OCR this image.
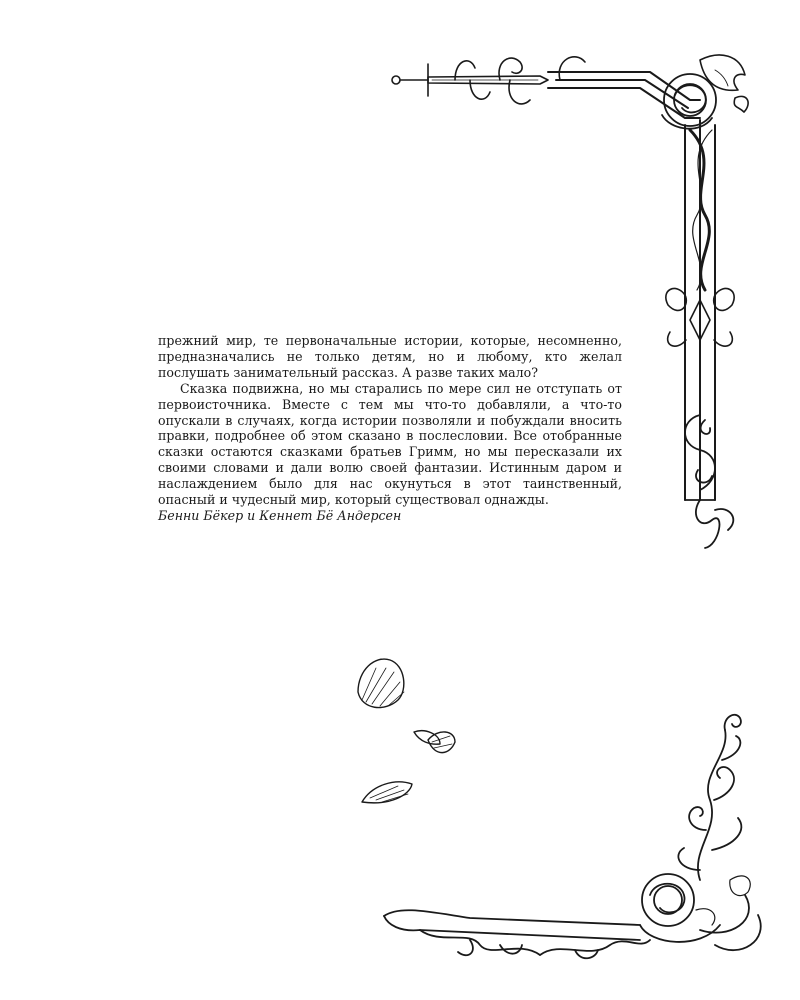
прежний мир, те первоначальные истории, которые, несомненно, предназначались не только детям, но и любому, кто желал послушать занимательный рассказ. А разве таких мало?

Сказка подвижна, но мы старались по мере сил не отступать от первоисточника. Вместе с тем мы что-то добавляли, а что-то опускали в случаях, когда истории позволяли и побуждали вносить правки, подробнее об этом сказано в послесловии. Все отобранные сказки остаются сказками братьев Гримм, но мы пересказали их своими словами и дали волю своей фантазии. Истинным даром и наслаждением было для нас окунуться в этот таинственный, опасный и чудесный мир, который существовал однажды.

Бенни Бёкер и Кеннет Бё Андерсен
